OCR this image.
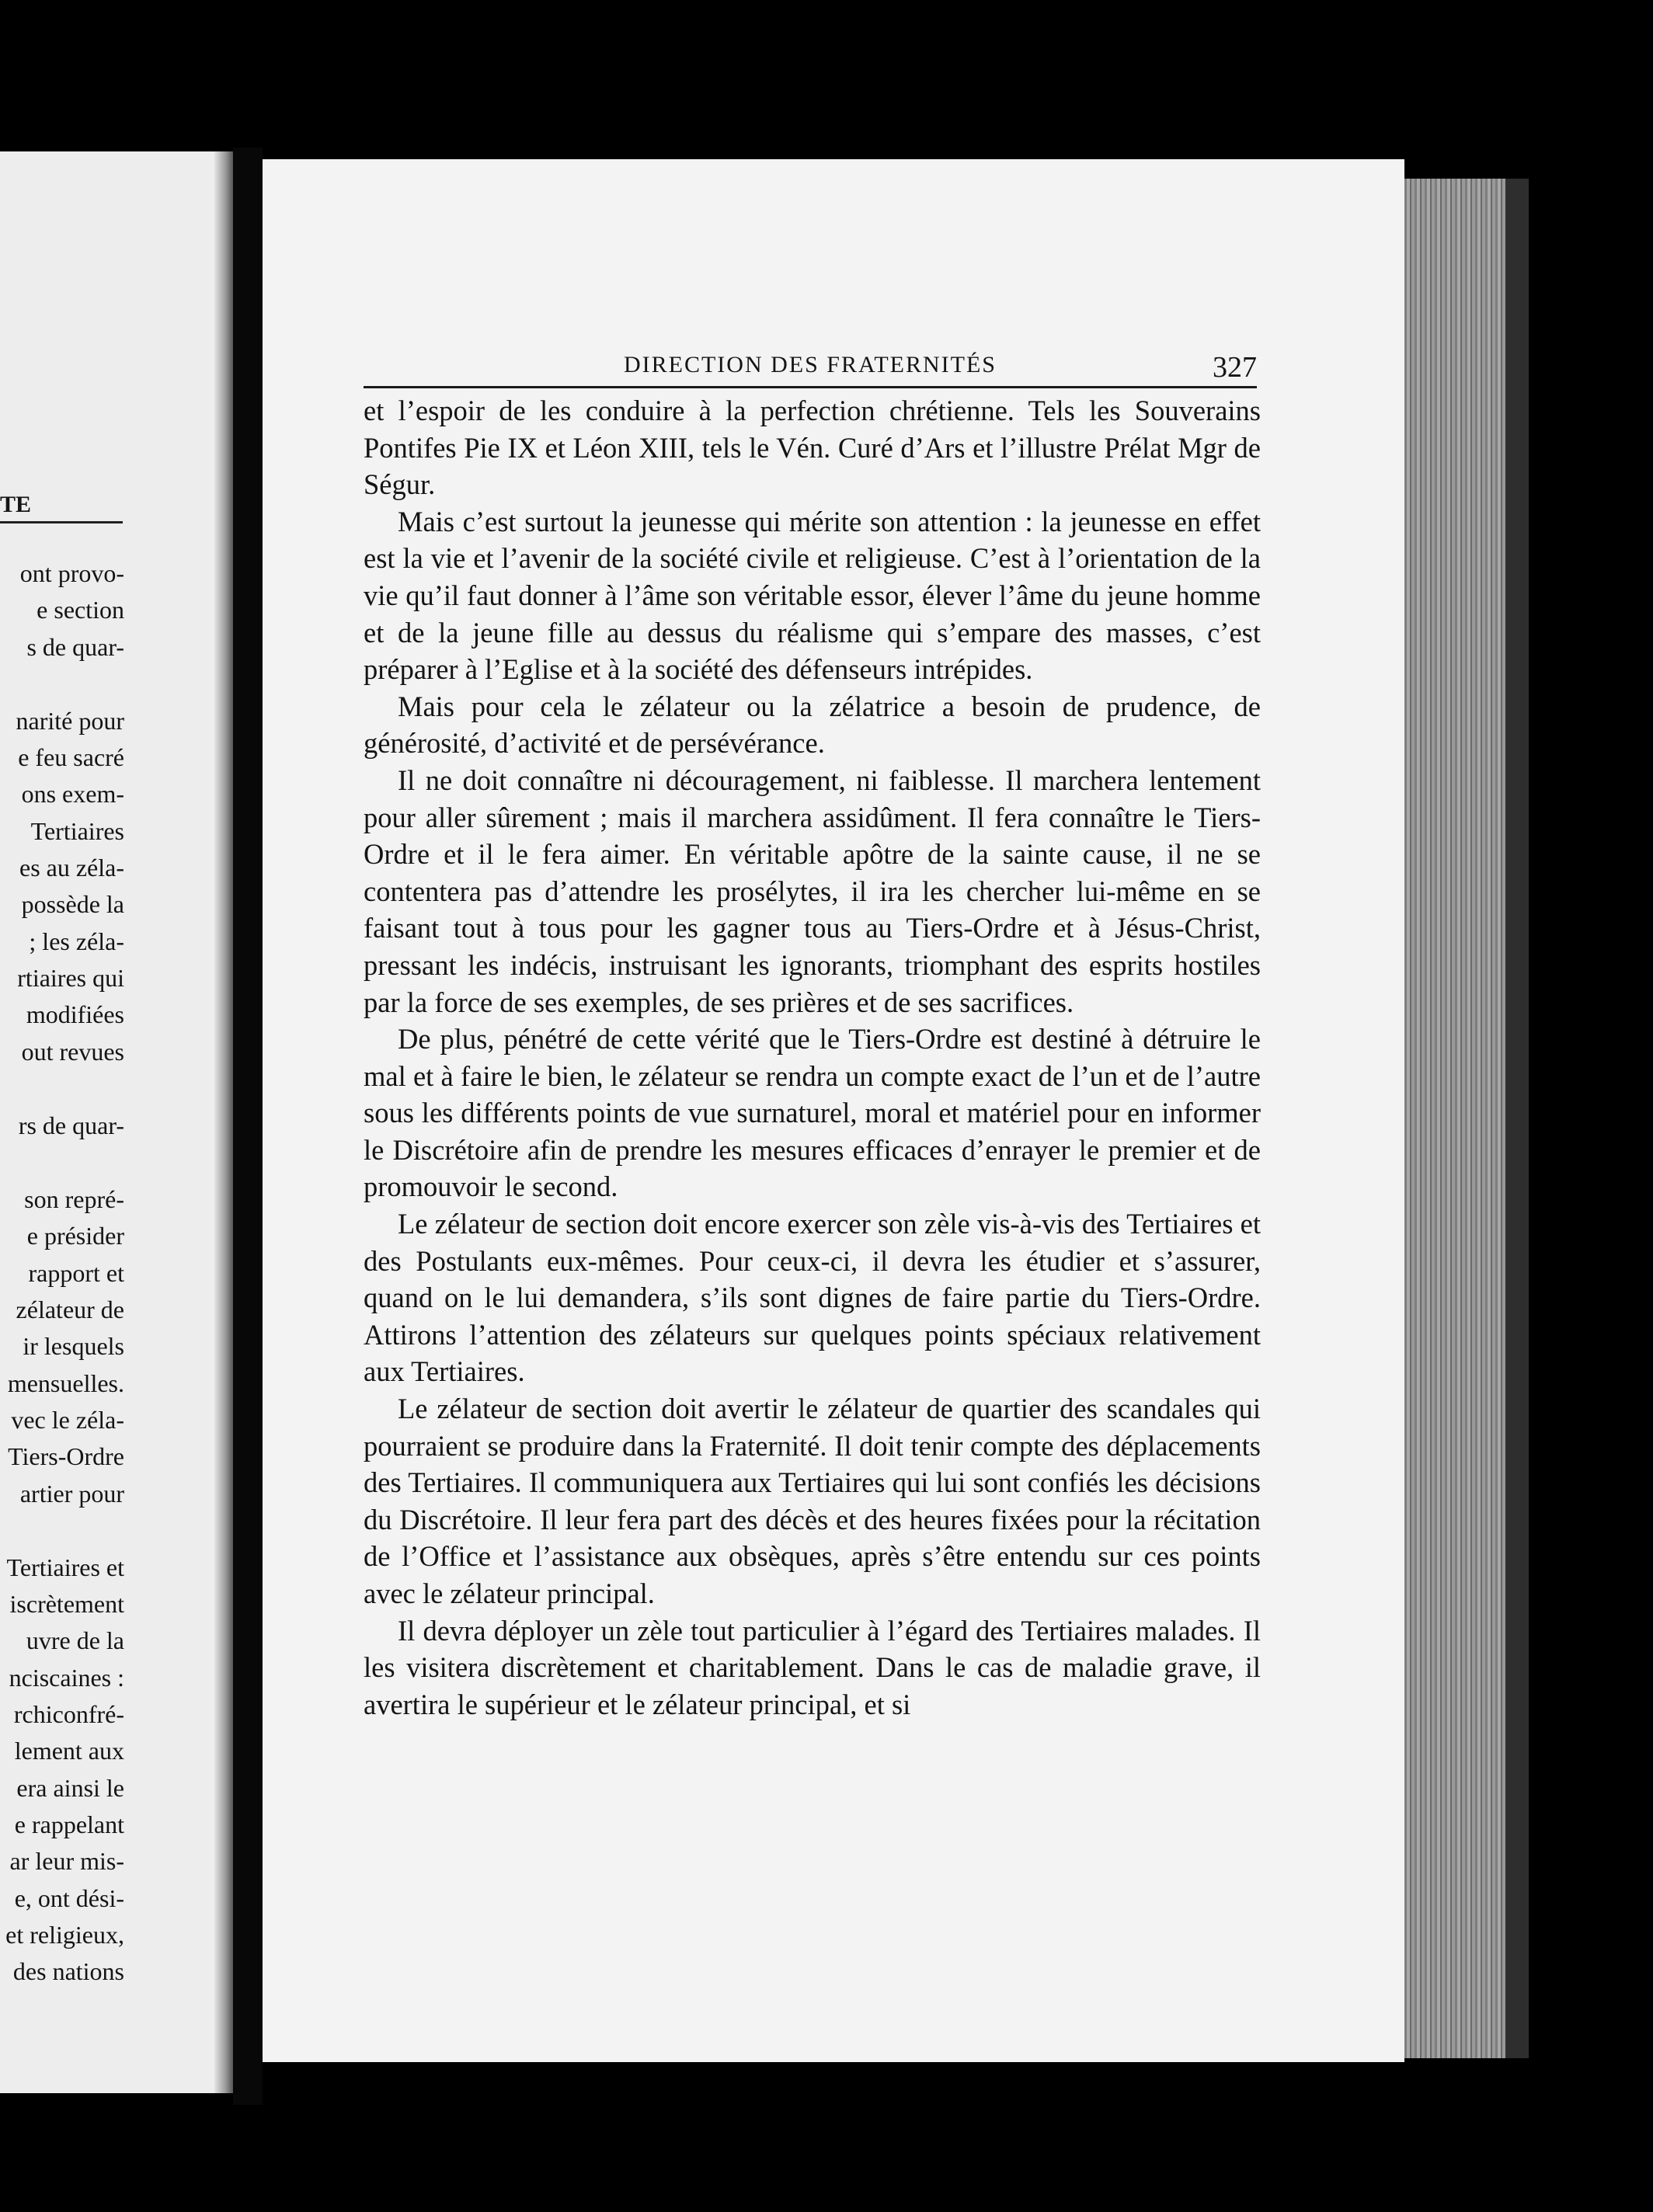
TE
ont provo-
e section
s de quar-
narité pour
e feu sacré
ons exem-
Tertiaires
es au zéla-
possède la
; les zéla-
rtiaires qui
modifiées
out revues
rs de quar-
son repré-
e présider
rapport et
zélateur de
ir lesquels
mensuelles.
vec le zéla-
Tiers-Ordre
artier pour
Tertiaires et
iscrètement
uvre de la
nciscaines :
rchiconfré-
lement aux
era ainsi le
e rappelant
ar leur mis-
e, ont dési-
et religieux,
des nations
DIRECTION DES FRATERNITÉS	327

et l’espoir de les conduire à la perfection chrétienne. Tels les Souverains Pontifes Pie IX et Léon XIII, tels le Vén. Curé d’Ars et l’illustre Prélat Mgr de Ségur.

Mais c’est surtout la jeunesse qui mérite son attention : la jeunesse en effet est la vie et l’avenir de la société civile et religieuse. C’est à l’orientation de la vie qu’il faut donner à l’âme son véritable essor, élever l’âme du jeune homme et de la jeune fille au dessus du réalisme qui s’empare des masses, c’est préparer à l’Eglise et à la société des défenseurs intrépides.

Mais pour cela le zélateur ou la zélatrice a besoin de prudence, de générosité, d’activité et de persévérance.

Il ne doit connaître ni découragement, ni faiblesse. Il marchera lentement pour aller sûrement ; mais il marchera assidûment. Il fera connaître le Tiers-Ordre et il le fera aimer. En véritable apôtre de la sainte cause, il ne se contentera pas d’attendre les prosélytes, il ira les chercher lui-même en se faisant tout à tous pour les gagner tous au Tiers-Ordre et à Jésus-Christ, pressant les indécis, instruisant les ignorants, triomphant des esprits hostiles par la force de ses exemples, de ses prières et de ses sacrifices.

De plus, pénétré de cette vérité que le Tiers-Ordre est destiné à détruire le mal et à faire le bien, le zélateur se rendra un compte exact de l’un et de l’autre sous les différents points de vue surnaturel, moral et matériel pour en informer le Discrétoire afin de prendre les mesures efficaces d’enrayer le premier et de promouvoir le second.

Le zélateur de section doit encore exercer son zèle vis-à-vis des Tertiaires et des Postulants eux-mêmes. Pour ceux-ci, il devra les étudier et s’assurer, quand on le lui demandera, s’ils sont dignes de faire partie du Tiers-Ordre. Attirons l’attention des zélateurs sur quelques points spéciaux relativement aux Tertiaires.

Le zélateur de section doit avertir le zélateur de quartier des scandales qui pourraient se produire dans la Fraternité. Il doit tenir compte des déplacements des Tertiaires. Il communiquera aux Tertiaires qui lui sont confiés les décisions du Discrétoire. Il leur fera part des décès et des heures fixées pour la récitation de l’Office et l’assistance aux obsèques, après s’être entendu sur ces points avec le zélateur principal.

Il devra déployer un zèle tout particulier à l’égard des Tertiaires malades. Il les visitera discrètement et charitablement. Dans le cas de maladie grave, il avertira le supérieur et le zélateur principal, et si
